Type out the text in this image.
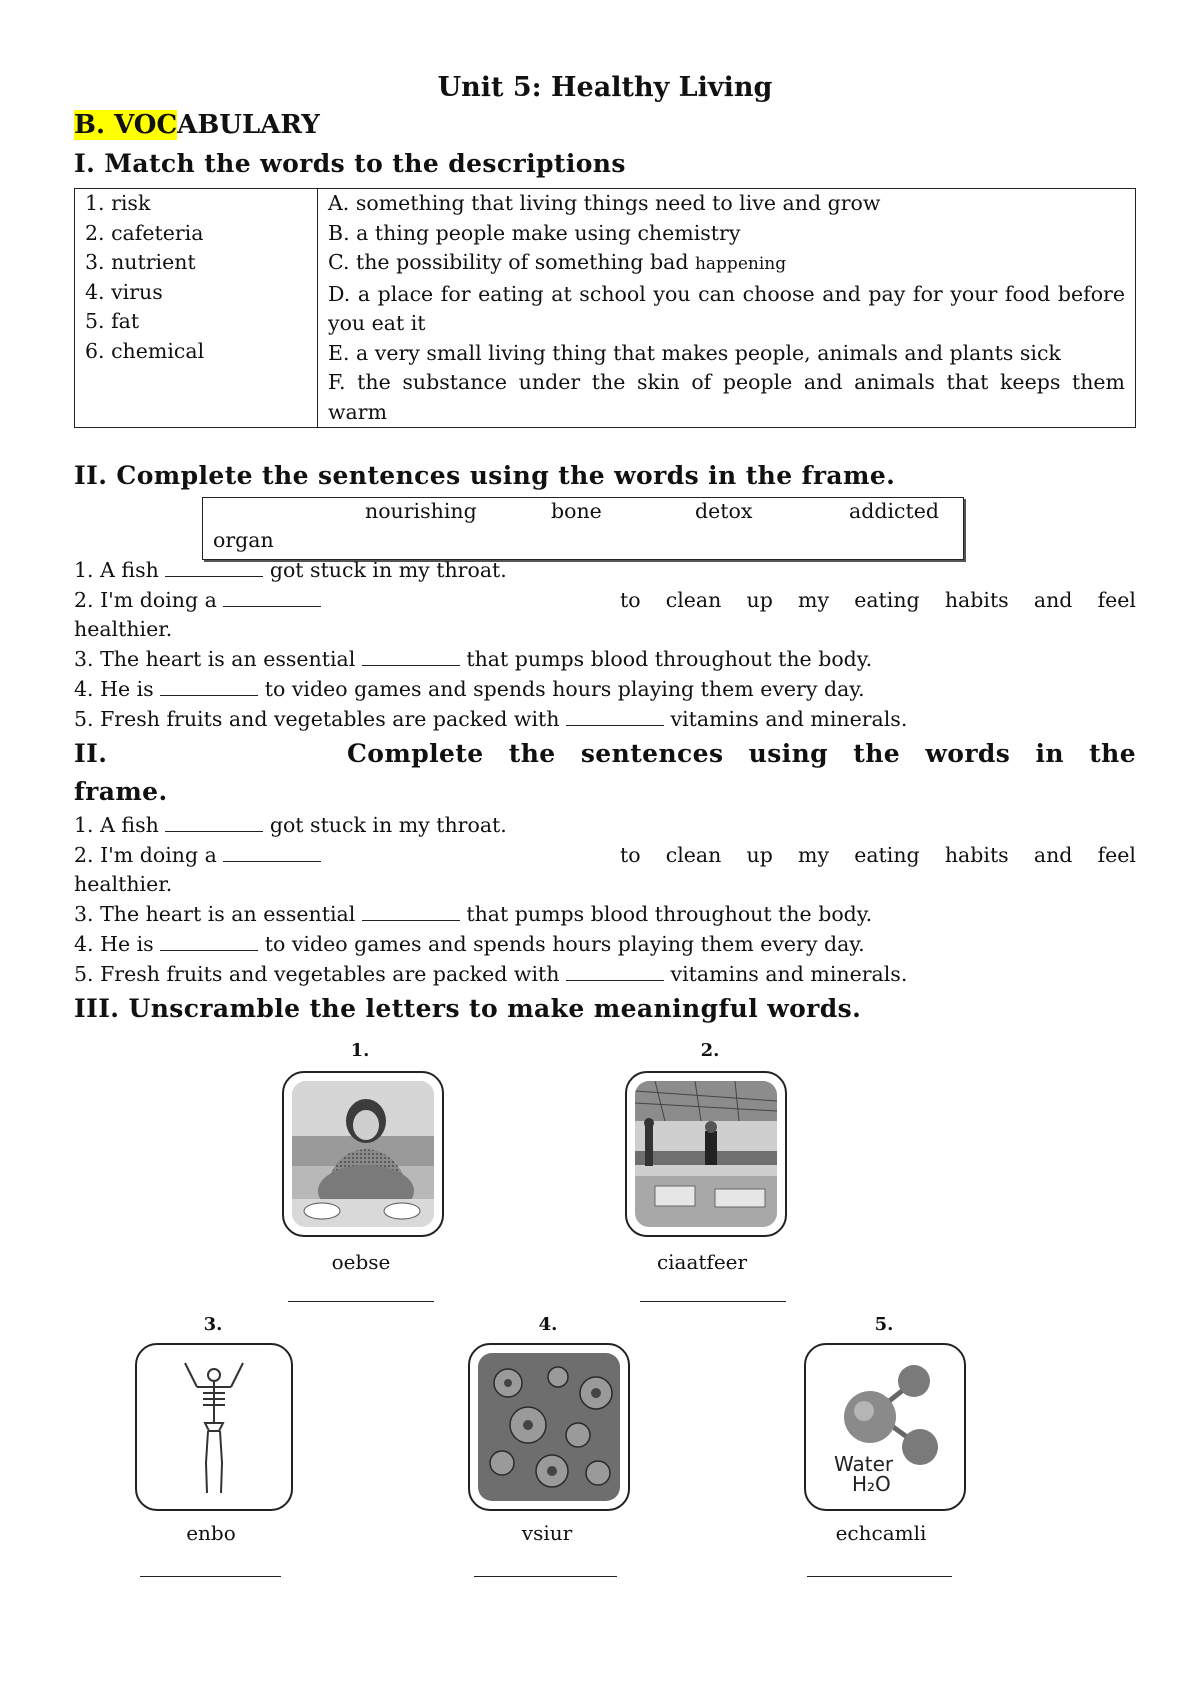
Unit 5: Healthy Living
B. VOCABULARY
I. Match the words to the descriptions
1. risk
2. cafeteria
3. nutrient
4. virus
5. fat
6. chemical

A. something that living things need to live and grow
B. a thing people make using chemistry
C. the possibility of something bad happening
D. a place for eating at school you can choose and pay for your food before you eat it
E. a very small living thing that makes people, animals and plants sick
F. the substance under the skin of people and animals that keeps them warm
II. Complete the sentences using the words in the frame.
nourishing	bone	detox	addicted
organ
1. A fish	got stuck in my throat.
2. I'm doing a	to clean up my eating habits and feel
healthier.
3. The heart is an essential	that pumps blood throughout the body.
4. He is	to video games and spends hours playing them every day.
5. Fresh fruits and vegetables are packed with	vitamins and minerals.
II.	Complete the sentences using the words in the
frame.
1. A fish	got stuck in my throat.
2. I'm doing a	to clean up my eating habits and feel
healthier.
3. The heart is an essential	that pumps blood throughout the body.
4. He is	to video games and spends hours playing them every day.
5. Fresh fruits and vegetables are packed with	vitamins and minerals.
III. Unscramble the letters to make meaningful words.
1.	2.
oebse	ciaatfeer
3.	4.	5.
Water
H₂O
enbo	vsiur	echcamli
